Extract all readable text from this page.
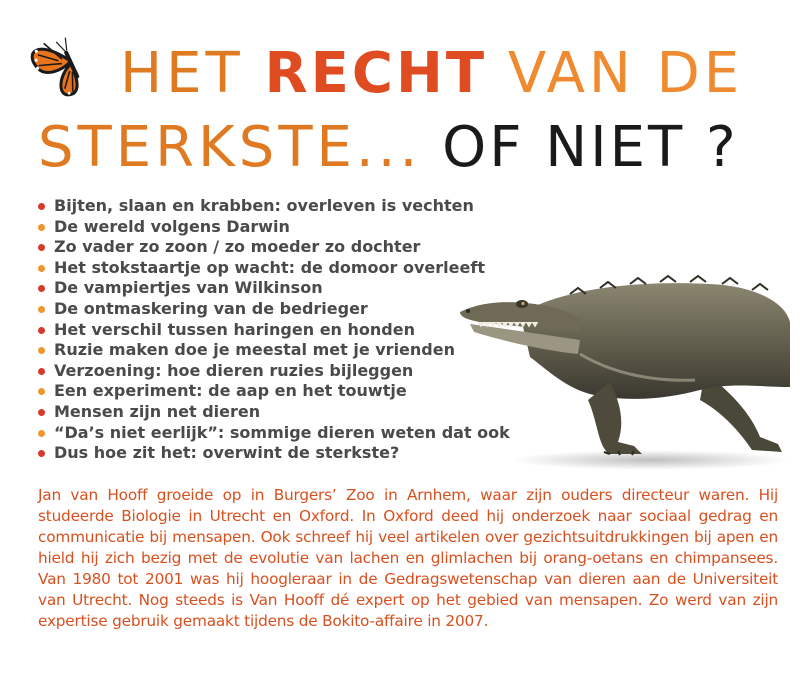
HET RECHT VAN DE
STERKSTE... OF NIET ?
Bijten, slaan en krabben: overleven is vechten
De wereld volgens Darwin
Zo vader zo zoon / zo moeder zo dochter
Het stokstaartje op wacht: de domoor overleeft
De vampiertjes van Wilkinson
De ontmaskering van de bedrieger
Het verschil tussen haringen en honden
Ruzie maken doe je meestal met je vrienden
Verzoening: hoe dieren ruzies bijleggen
Een experiment: de aap en het touwtje
Mensen zijn net dieren
“Da’s niet eerlijk”: sommige dieren weten dat ook
Dus hoe zit het: overwint de sterkste?

Jan van Hooff groeide op in Burgers’ Zoo in Arnhem, waar zijn ouders directeur waren. Hij studeerde Biologie in Utrecht en Oxford. In Oxford deed hij onderzoek naar sociaal gedrag en communicatie bij mensapen. Ook schreef hij veel artikelen over gezichtsuitdrukkingen bij apen en hield hij zich bezig met de evolutie van lachen en glimlachen bij orang-oetans en chimpansees. Van 1980 tot 2001 was hij hoogleraar in de Gedragswetenschap van dieren aan de Universiteit van Utrecht. Nog steeds is Van Hooff dé expert op het gebied van mensapen. Zo werd van zijn expertise gebruik gemaakt tijdens de Bokito-affaire in 2007.
